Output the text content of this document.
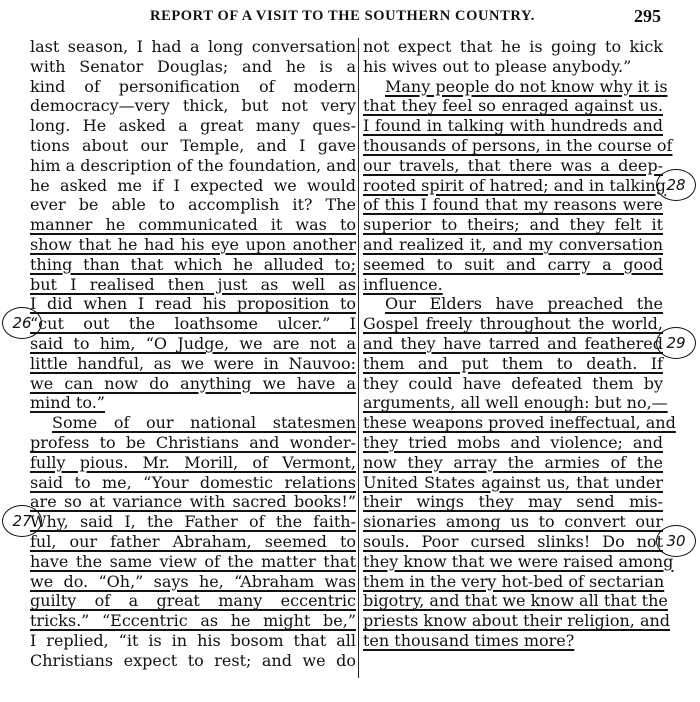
REPORT OF A VISIT TO THE SOUTHERN COUNTRY.	295
last season, I had a long conversation
with Senator Douglas; and he is a
kind of personification of modern
democracy—very thick, but not very
long. He asked a great many ques-
tions about our Temple, and I gave
him a description of the foundation, and
he asked me if I expected we would
ever be able to accomplish it? The
manner he communicated it was to
show that he had his eye upon another
thing than that which he alluded to;
but I realised then just as well as
I did when I read his proposition to
“cut out the loathsome ulcer.” I
said to him, “O Judge, we are not a
little handful, as we were in Nauvoo:
we can now do anything we have a
mind to.”
Some of our national statesmen
profess to be Christians and wonder-
fully pious. Mr. Morill, of Vermont,
said to me, “Your domestic relations
are so at variance with sacred books!”
Why, said I, the Father of the faith-
ful, our father Abraham, seemed to
have the same view of the matter that
we do. “Oh,” says he, “Abraham was
guilty of a great many eccentric
tricks.” “Eccentric as he might be,”
I replied, “it is in his bosom that all
Christians expect to rest; and we do
not expect that he is going to kick
his wives out to please anybody.”
Many people do not know why it is
that they feel so enraged against us.
I found in talking with hundreds and
thousands of persons, in the course of
our travels, that there was a deep-
rooted spirit of hatred; and in talking
of this I found that my reasons were
superior to theirs; and they felt it
and realized it, and my conversation
seemed to suit and carry a good
influence.
Our Elders have preached the
Gospel freely throughout the world,
and they have tarred and feathered
them and put them to death. If
they could have defeated them by
arguments, all well enough: but no,—
these weapons proved ineffectual, and
they tried mobs and violence; and
now they array the armies of the
United States against us, that under
their wings they may send mis-
sionaries among us to convert our
souls. Poor cursed slinks! Do not
they know that we were raised among
them in the very hot-bed of sectarian
bigotry, and that we know all that the
priests know about their religion, and
ten thousand times more?
26
27
28
29
30
